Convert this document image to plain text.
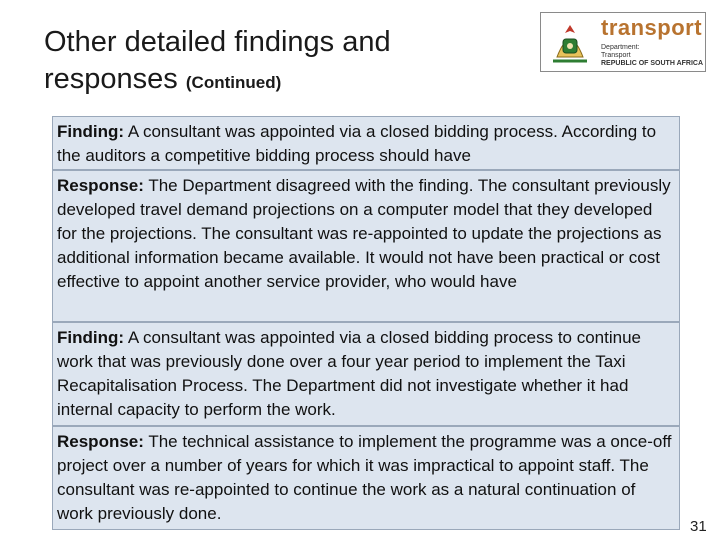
Other detailed findings and responses (Continued)
transport
Department:
Transport
REPUBLIC OF SOUTH AFRICA
Finding: A consultant was appointed via a closed bidding process. According to the auditors a competitive bidding process should have
Response: The Department disagreed with the finding. The consultant previously developed travel demand projections on a computer model that they developed for the projections. The consultant was re-appointed to update the projections as additional information became available. It would not have been practical or cost effective to appoint another service provider, who would have
Finding: A consultant was appointed via a closed bidding process to continue work that was previously done over a four year period to implement the Taxi Recapitalisation Process. The Department did not investigate whether it had internal capacity to perform the work.
Response: The technical assistance to implement the programme was a once-off project over a number of years for which it was impractical to appoint staff. The consultant was re-appointed to continue the work as a natural continuation of work previously done.
31
